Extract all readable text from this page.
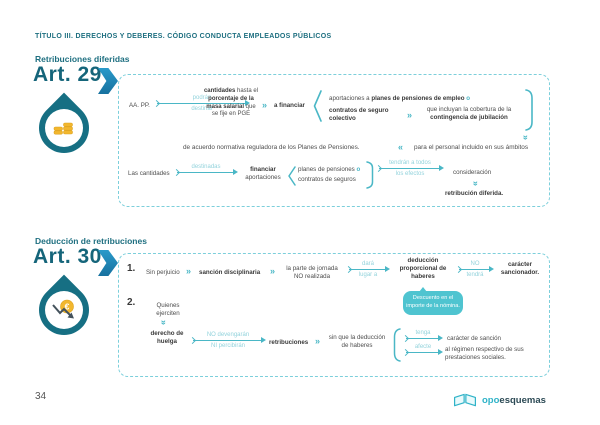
TÍTULO III. DERECHOS Y DEBERES. CÓDIGO CONDUCTA EMPLEADOS PÚBLICOS
Retribuciones diferidas
Art. 29
AA. PP.
podrán
destinar
cantidades hasta el porcentaje de la masa salarial que se fije en PGE
» a financiar
aportaciones a planes de pensiones de empleo o
contratos de seguro colectivo	»
que incluyan la cobertura de la contingencia de jubilación
»
de acuerdo normativa reguladora de los Planes de Pensiones.	« para el personal incluido en sus ámbitos
Las cantidades
destinadas	financiar
aportaciones
planes de pensiones o
contratos de seguros
tendrán a todos
los efectos	consideración
»
retribución diferida.
Deducción de retribuciones
Art. 30
€
1. Sin perjuicio » sanción disciplinaria »	la parte de jornada NO realizada
dará
lugar a
deducción proporcional de haberes
NO
tendrá
carácter sancionador.
Descuento en el importe de la nómina.
2.	Quienes ejerciten
»
derecho de huelga
NO devengarán
NI percibirán	retribuciones »	sin que la deducción de haberes
tenga
carácter de sanción
afecte al régimen respectivo de sus prestaciones sociales.
34	opoesquemas
